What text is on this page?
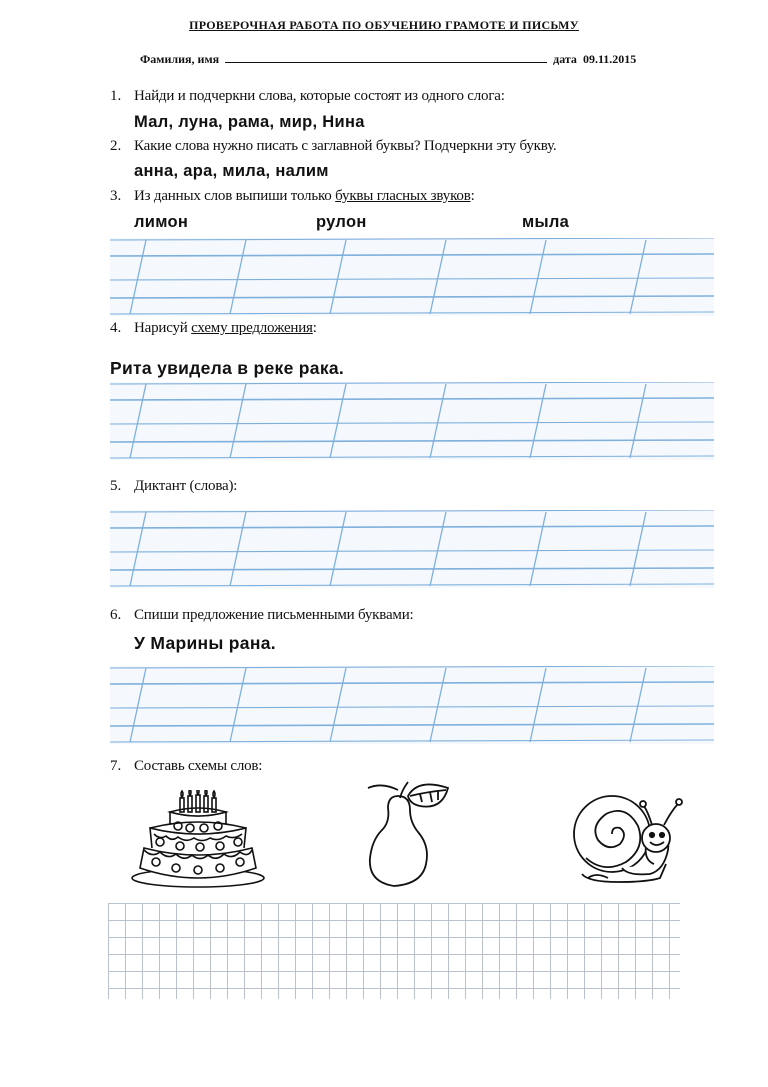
ПРОВЕРОЧНАЯ РАБОТА ПО ОБУЧЕНИЮ ГРАМОТЕ И ПИСЬМУ
Фамилия, имя	дата 09.11.2015
1. Найди и подчеркни слова, которые состоят из одного слога:
Мал, луна, рама, мир, Нина
2. Какие слова нужно писать с заглавной буквы? Подчеркни эту букву.
анна, ара, мила, налим
3. Из данных слов выпиши только буквы гласных звуков:
лимон	рулон	мыла
4. Нарисуй схему предложения:
Рита увидела в реке рака.
5. Диктант (слова):
6. Спиши предложение письменными буквами:
У Марины рана.
7. Составь схемы слов:
